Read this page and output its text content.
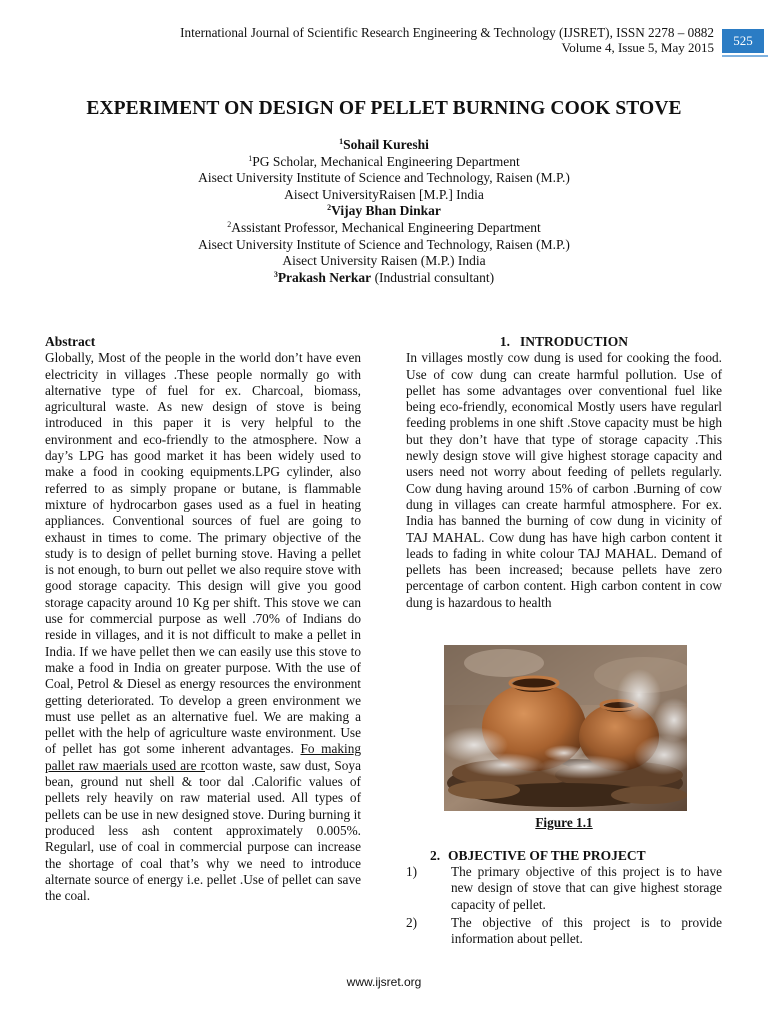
International Journal of Scientific Research Engineering & Technology (IJSRET), ISSN 2278 – 0882
Volume 4, Issue 5, May 2015	525
EXPERIMENT ON DESIGN OF PELLET BURNING COOK STOVE
$^1$Sohail Kureshi
$^1$PG Scholar, Mechanical Engineering Department
Aisect University Institute of Science and Technology, Raisen (M.P.)
Aisect UniversityRaisen [M.P.] India
$^2$Vijay Bhan Dinkar
$^2$Assistant Professor, Mechanical Engineering Department
Aisect University Institute of Science and Technology, Raisen (M.P.)
Aisect University Raisen (M.P.) India
$^3$Prakash Nerkar (Industrial consultant)

Abstract

Globally, Most of the people in the world don’t have even electricity in villages .These people normally go with alternative type of fuel for ex. Charcoal, biomass, agricultural waste. As new design of stove is being introduced in this paper it is very helpful to the environment and eco-friendly to the atmosphere. Now a day’s LPG has good market it has been widely used to make a food in cooking equipments.LPG cylinder, also referred to as simply propane or butane, is flammable mixture of hydrocarbon gases used as a fuel in heating appliances. Conventional sources of fuel are going to exhaust in times to come. The primary objective of the study is to design of pellet burning stove. Having a pellet is not enough, to burn out pellet we also require stove with good storage capacity. This design will give you good storage capacity around 10 Kg per shift. This stove we can use for commercial purpose as well .70% of Indians do reside in villages, and it is not difficult to make a pellet in India. If we have pellet then we can easily use this stove to make a food in India on greater purpose. With the use of Coal, Petrol & Diesel as energy resources the environment getting deteriorated. To develop a green environment we must use pellet as an alternative fuel. We are making a pellet with the help of agriculture waste environment. Use of pellet has got some inherent advantages. Fo making pallet raw maerials used are rcotton waste, saw dust, Soya bean, ground nut shell & toor dal .Calorific values of pellets rely heavily on raw material used. All types of pellets can be use in new designed stove. During burning it produced less ash content approximately 0.005%. Regularl, use of coal in commercial purpose can increase the shortage of coal that’s why we need to introduce alternate source of energy i.e. pellet .Use of pellet can save the coal.

1. INTRODUCTION

In villages mostly cow dung is used for cooking the food. Use of cow dung can create harmful pollution. Use of pellet has some advantages over conventional fuel like being eco-friendly, economical Mostly users have regularl feeding problems in one shift .Stove capacity must be high but they don’t have that type of storage capacity .This newly design stove will give highest storage capacity and users need not worry about feeding of pellets regularly. Cow dung having around 15% of carbon .Burning of cow dung in villages can create harmful atmosphere. For ex. India has banned the burning of cow dung in vicinity of TAJ MAHAL. Cow dung has have high carbon content it leads to fading in white colour TAJ MAHAL. Demand of pellets has been increased; because pellets have zero percentage of carbon content. High carbon content in cow dung is hazardous to health

Figure 1.1
2. OBJECTIVE OF THE PROJECT
1)	The primary objective of this project is to have new design of stove that can give highest storage capacity of pellet.
2)	The objective of this project is to provide information about pellet.
www.ijsret.org
